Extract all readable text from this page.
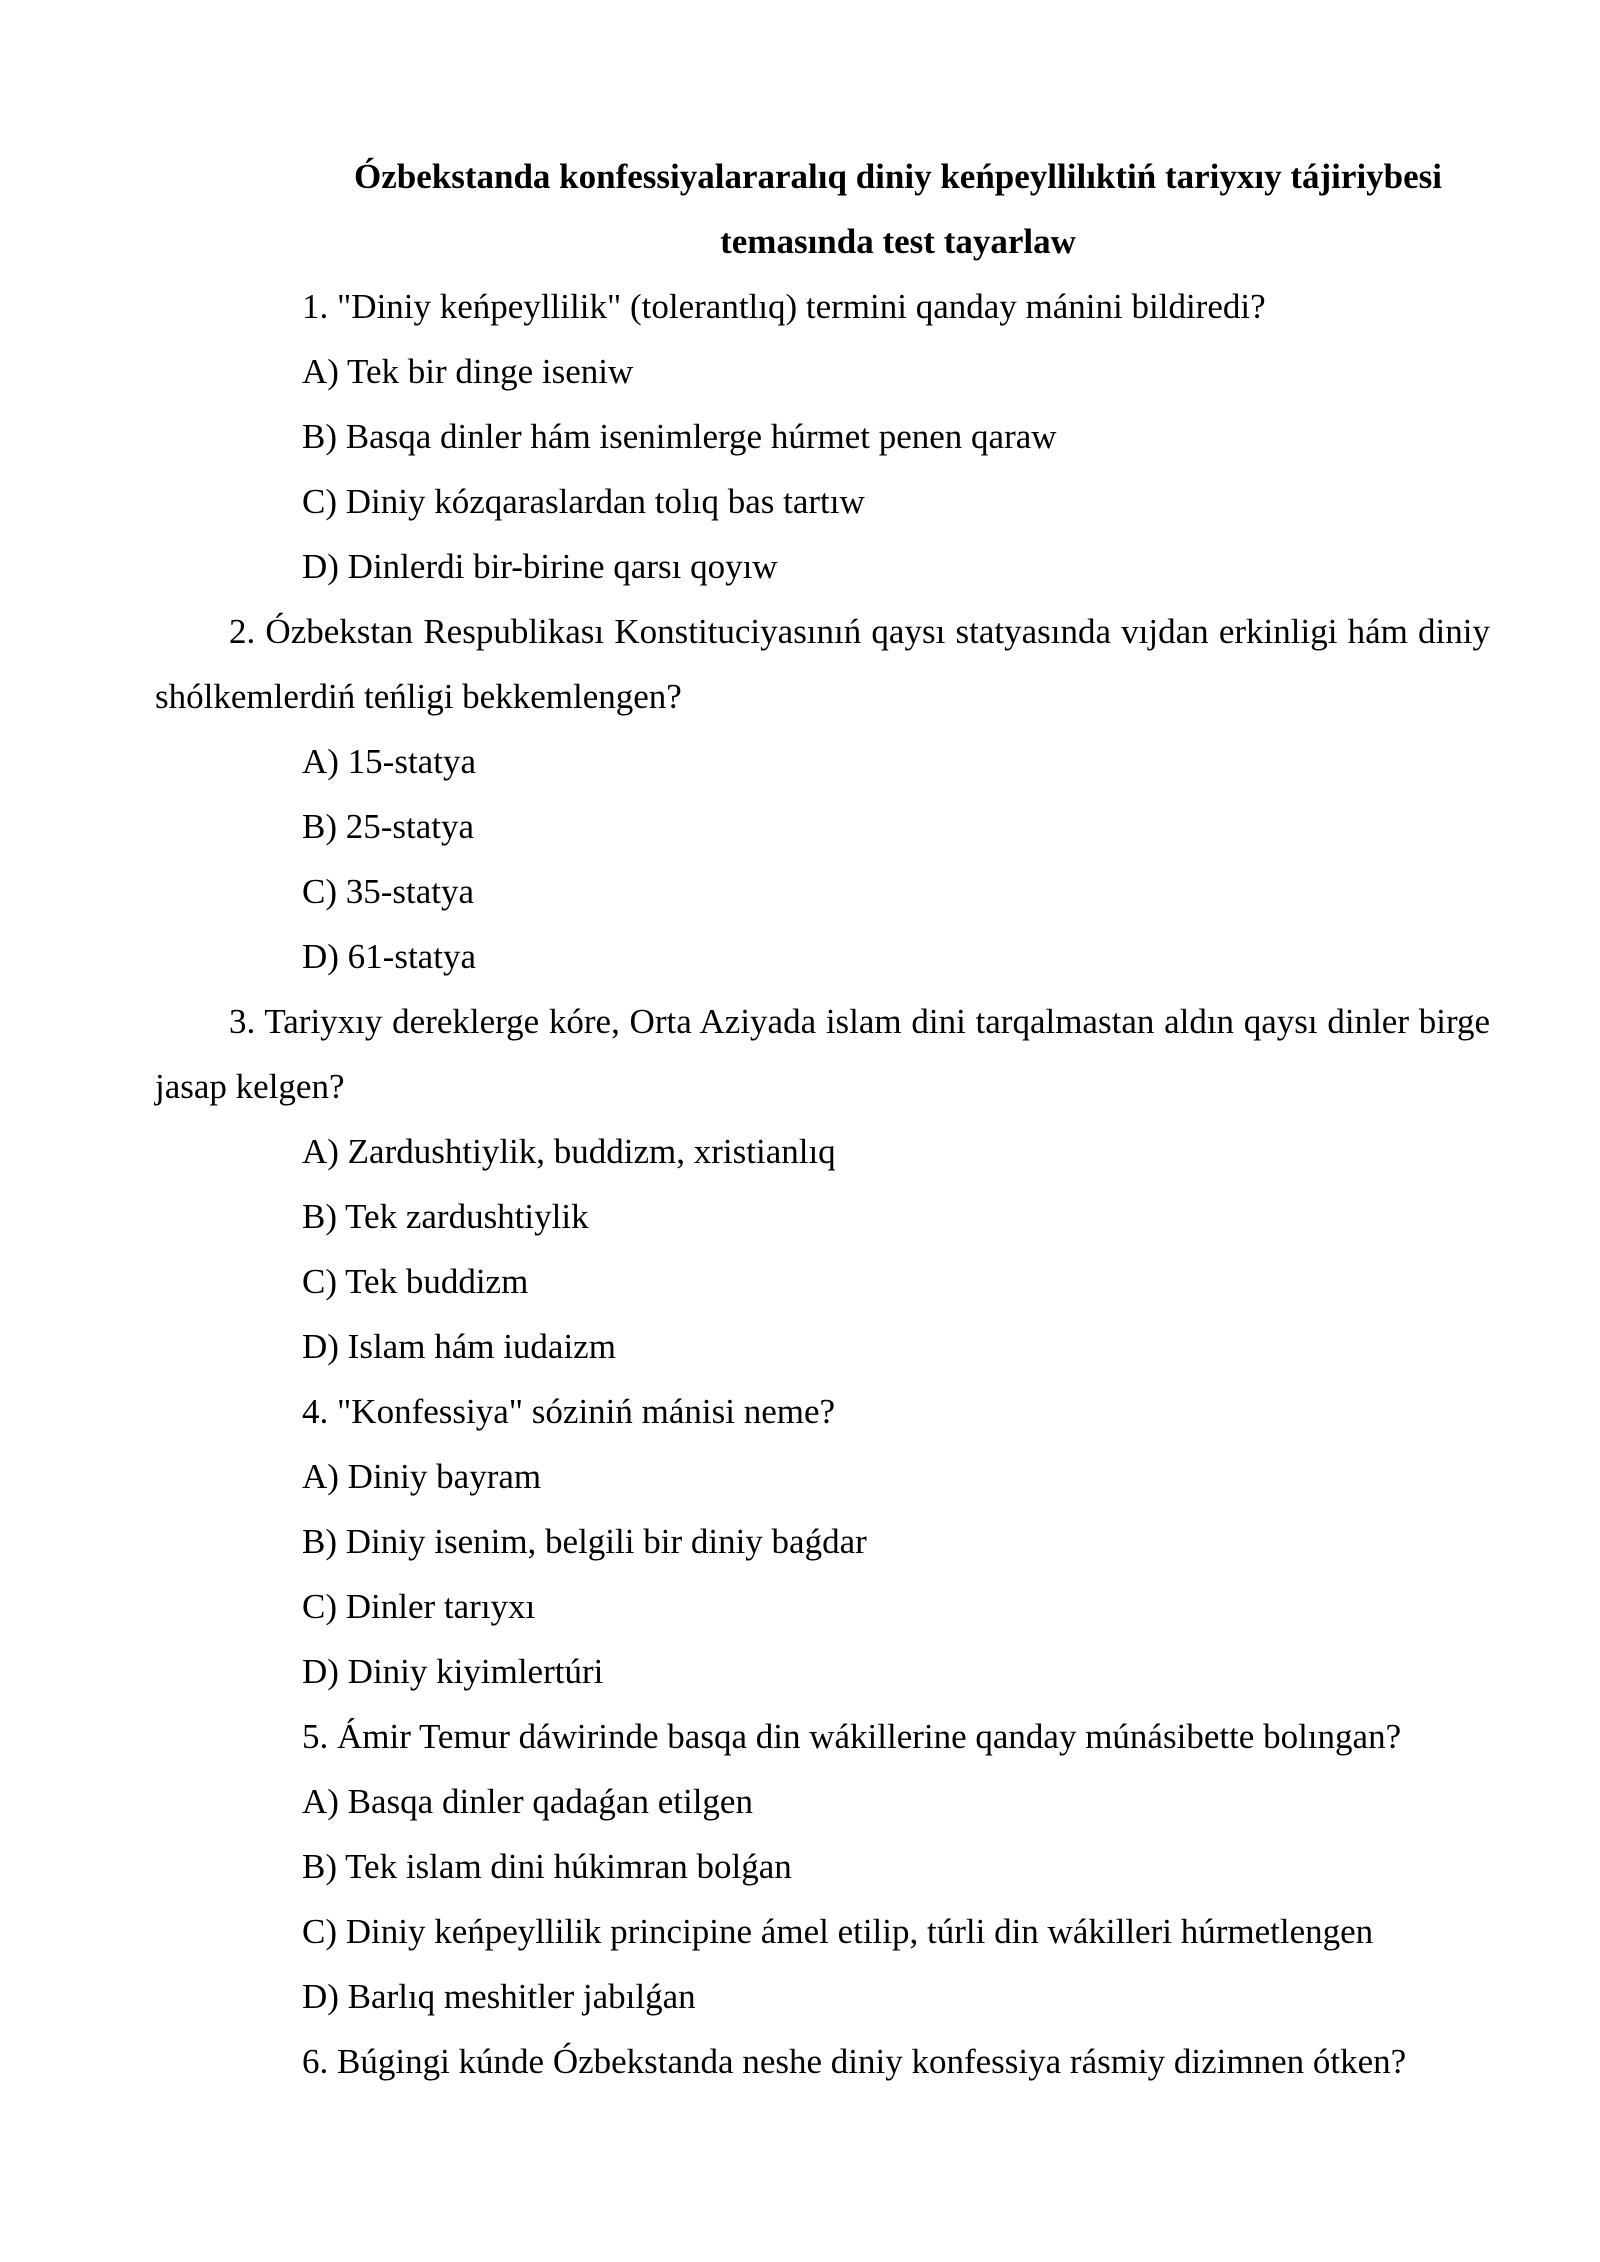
Ózbekstanda konfessiyalararalıq diniy keńpeyllilıktiń tariyxıy tájiriybesi
temasında test tayarlaw

1. "Diniy keńpeyllilik" (tolerantlıq) termini qanday mánini bildiredi?

A) Tek bir dinge iseniw

B) Basqa dinler hám isenimlerge húrmet penen qaraw

C) Diniy kózqaraslardan tolıq bas tartıw

D) Dinlerdi bir-birine qarsı qoyıw

2. Ózbekstan Respublikası Konstituciyasınıń qaysı statyasında vıjdan erkinligi hám diniy shólkemlerdiń teńligi bekkemlengen?

A) 15-statya

B) 25-statya

C) 35-statya

D) 61-statya

3. Tariyxıy dereklerge kóre, Orta Aziyada islam dini tarqalmastan aldın qaysı dinler birge jasap kelgen?

A) Zardushtiylik, buddizm, xristianlıq

B) Tek zardushtiylik

C) Tek buddizm

D) Islam hám iudaizm

4. "Konfessiya" sóziniń mánisi neme?

A) Diniy bayram

B) Diniy isenim, belgili bir diniy baǵdar

C) Dinler tarıyxı

D) Diniy kiyimlertúri

5. Ámir Temur dáwirinde basqa din wákillerine qanday múnásibette bolıngan?

A) Basqa dinler qadaǵan etilgen

B) Tek islam dini húkimran bolǵan

C) Diniy keńpeyllilik principine ámel etilip, túrli din wákilleri húrmetlengen

D) Barlıq meshitler jabılǵan

6. Búgingi kúnde Ózbekstanda neshe diniy konfessiya rásmiy dizimnen ótken?
